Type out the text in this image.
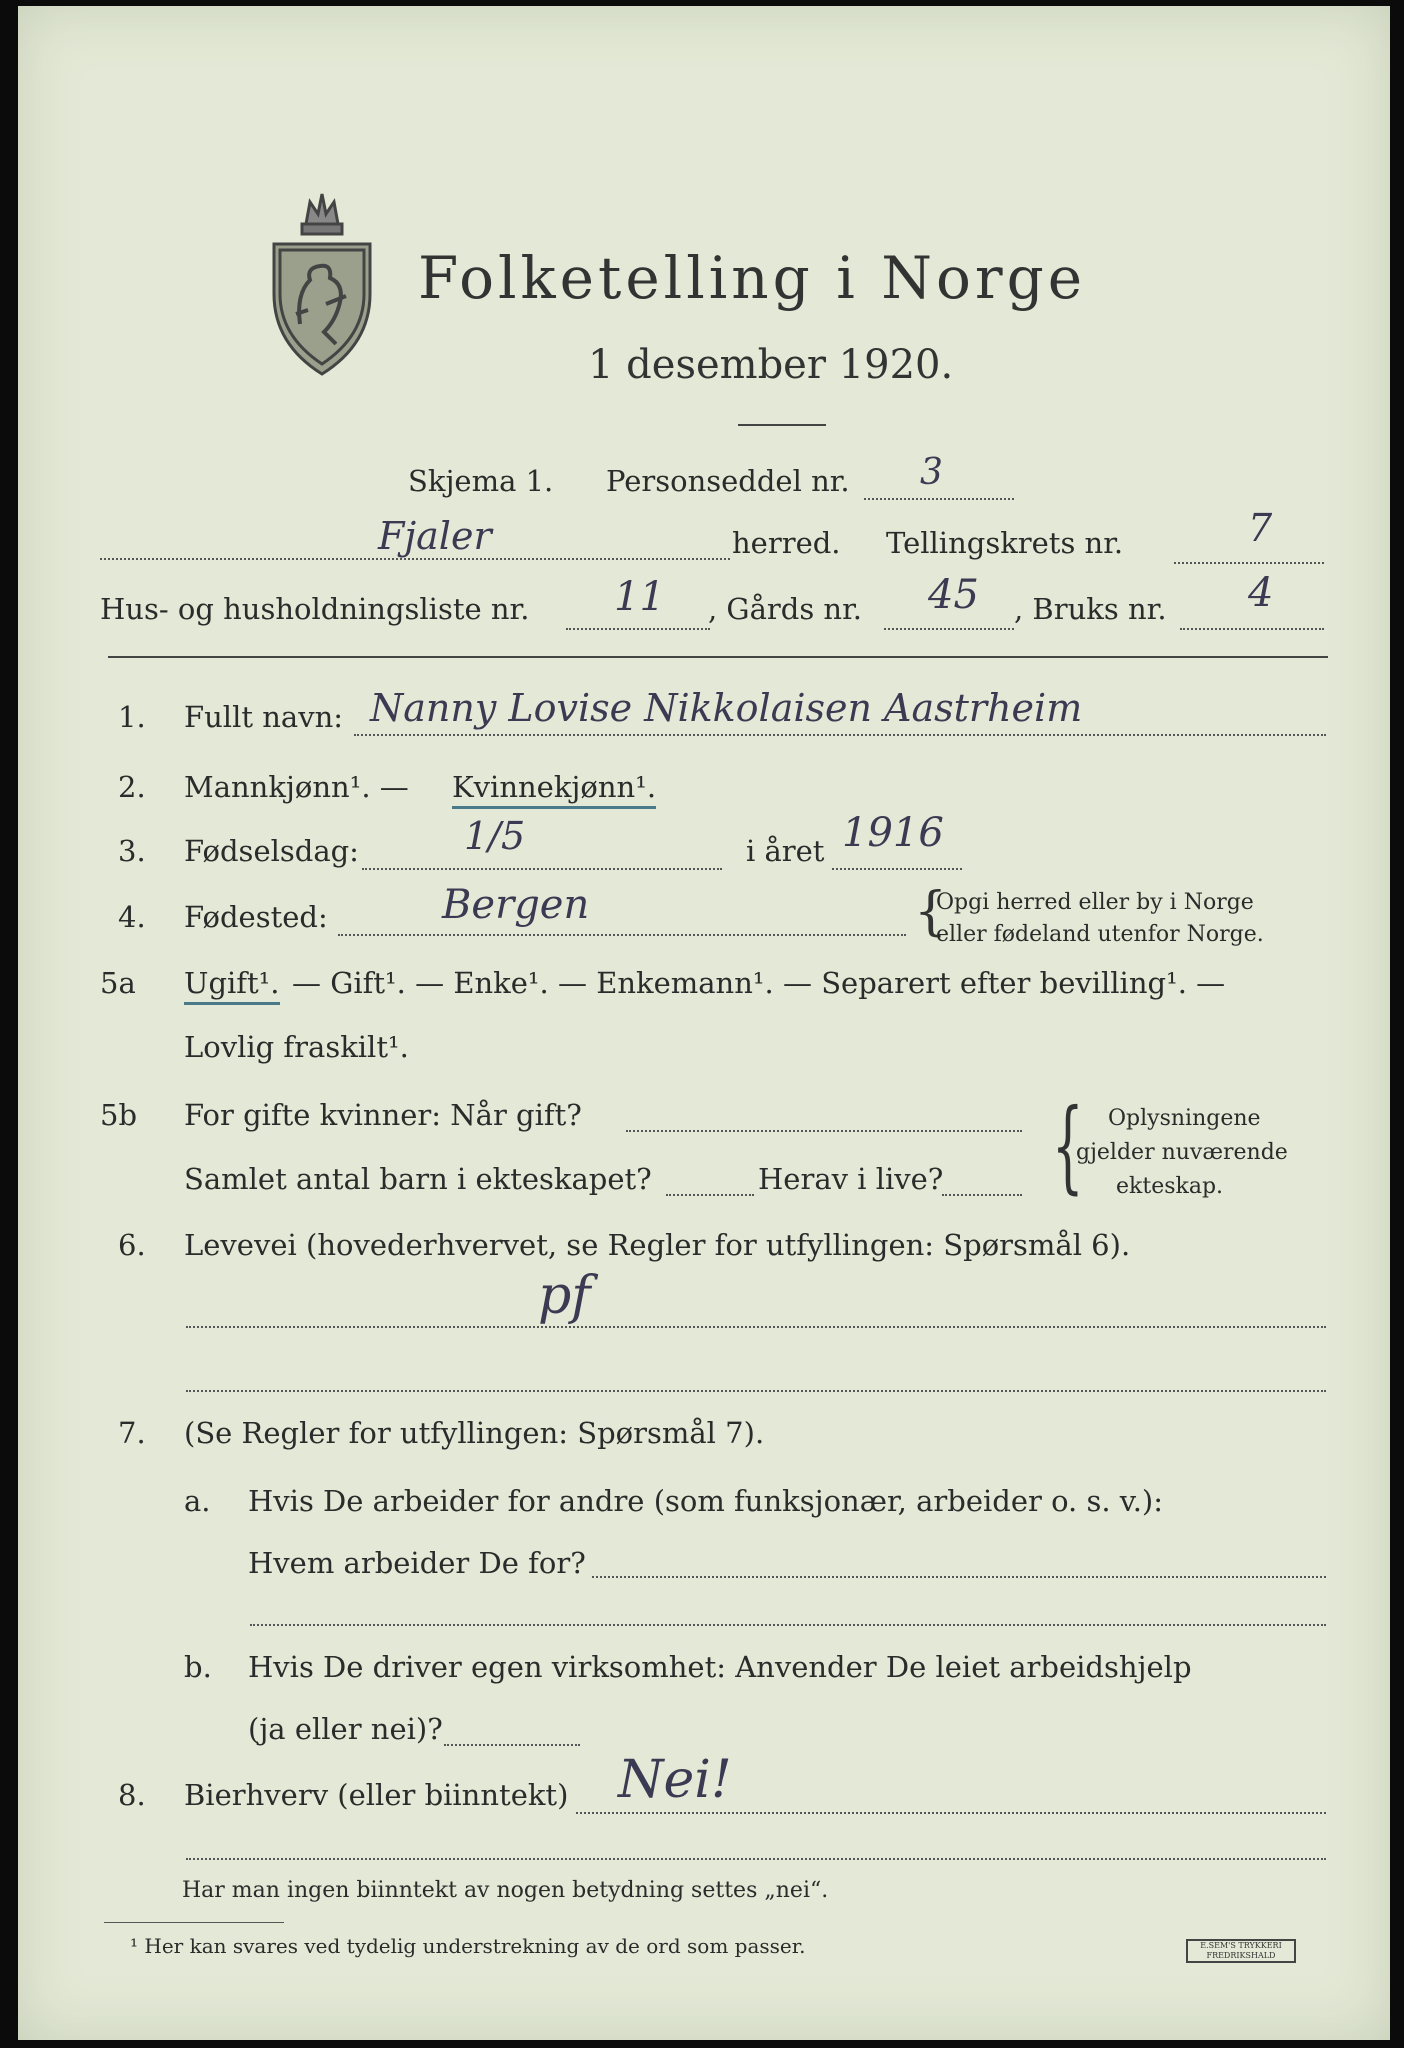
Folketelling i Norge
1 desember 1920.
Skjema 1. Personseddel nr. 3
Fjaler	herred. Tellingskrets nr.	7
Hus- og husholdningsliste nr. 11 , Gårds nr. 45 , Bruks nr. 4
1. Fullt navn: Nanny Lovise Nikkolaisen Aastrheim
2. Mannkjønn¹. — Kvinnekjønn¹.
3. Fødselsdag:	1/5	i året 1916
4. Fødested:	Bergen	{
Opgi herred eller by i Norge
eller fødeland utenfor Norge.
5a Ugift¹. — Gift¹. — Enke¹. — Enkemann¹. — Separert efter bevilling¹. —
Lovlig fraskilt¹.
5b For gifte kvinner: Når gift?
Samlet antal barn i ekteskapet?	Herav i live? { Oplysningene
gjelder nuværende
ekteskap.
6. Levevei (hovederhvervet, se Regler for utfyllingen: Spørsmål 6).
pf
7. (Se Regler for utfyllingen: Spørsmål 7).
a. Hvis De arbeider for andre (som funksjonær, arbeider o. s. v.):
Hvem arbeider De for?
b. Hvis De driver egen virksomhet: Anvender De leiet arbeidshjelp
(ja eller nei)?
8. Bierhverv (eller biinntekt) Nei!
Har man ingen biinntekt av nogen betydning settes „nei“.
¹ Her kan svares ved tydelig understrekning av de ord som passer.	E.SEM'S TRYKKERI FREDRIKSHALD
